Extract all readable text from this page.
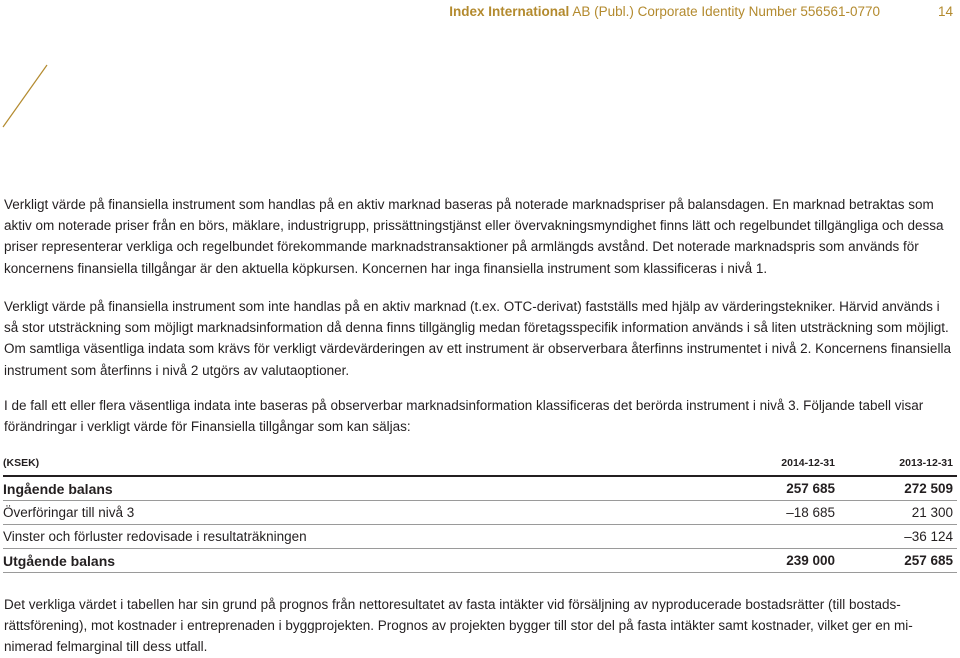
Index International AB (Publ.) Corporate Identity Number 556561-0770	14

Verkligt värde på finansiella instrument som handlas på en aktiv marknad baseras på noterade marknadspriser på balansdagen. En marknad betraktas som aktiv om noterade priser från en börs, mäklare, industrigrupp, prissättningstjänst eller övervakningsmyndighet finns lätt och regelbundet tillgängliga och dessa priser representerar verkliga och regelbundet förekommande marknadstransaktioner på armlängds avstånd. Det noterade marknadspris som används för koncernens finansiella tillgångar är den aktuella köpkursen. Koncernen har inga finansiella instrument som klassificeras i nivå 1.

Verkligt värde på finansiella instrument som inte handlas på en aktiv marknad (t.ex. OTC-derivat) fastställs med hjälp av värderingstekniker. Härvid används i så stor utsträckning som möjligt marknadsinformation då denna finns tillgänglig medan företagsspecifik information används i så liten utsträckning som möjligt. Om samtliga väsentliga indata som krävs för verkligt värdevärderingen av ett instrument är observerbara återfinns instrumentet i nivå 2. Koncernens finansiella instrument som återfinns i nivå 2 utgörs av valutaoptioner.

I de fall ett eller flera väsentliga indata inte baseras på observerbar marknadsinformation klassificeras det berörda instrument i nivå 3. Följande tabell visar förändringar i verkligt värde för Finansiella tillgångar som kan säljas:

(KSEK)	2014-12-31	2013-12-31
Ingående balans	257 685	272 509
Överföringar till nivå 3	–18 685	21 300
Vinster och förluster redovisade i resultaträkningen		–36 124
Utgående balans	239 000	257 685

Det verkliga värdet i tabellen har sin grund på prognos från nettoresultatet av fasta intäkter vid försäljning av nyproducerade bostadsrätter (till bostadsrättsförening), mot kostnader i entreprenaden i byggprojekten. Prognos av projekten bygger till stor del på fasta intäkter samt kostnader, vilket ger en minimerad felmarginal till dess utfall.
